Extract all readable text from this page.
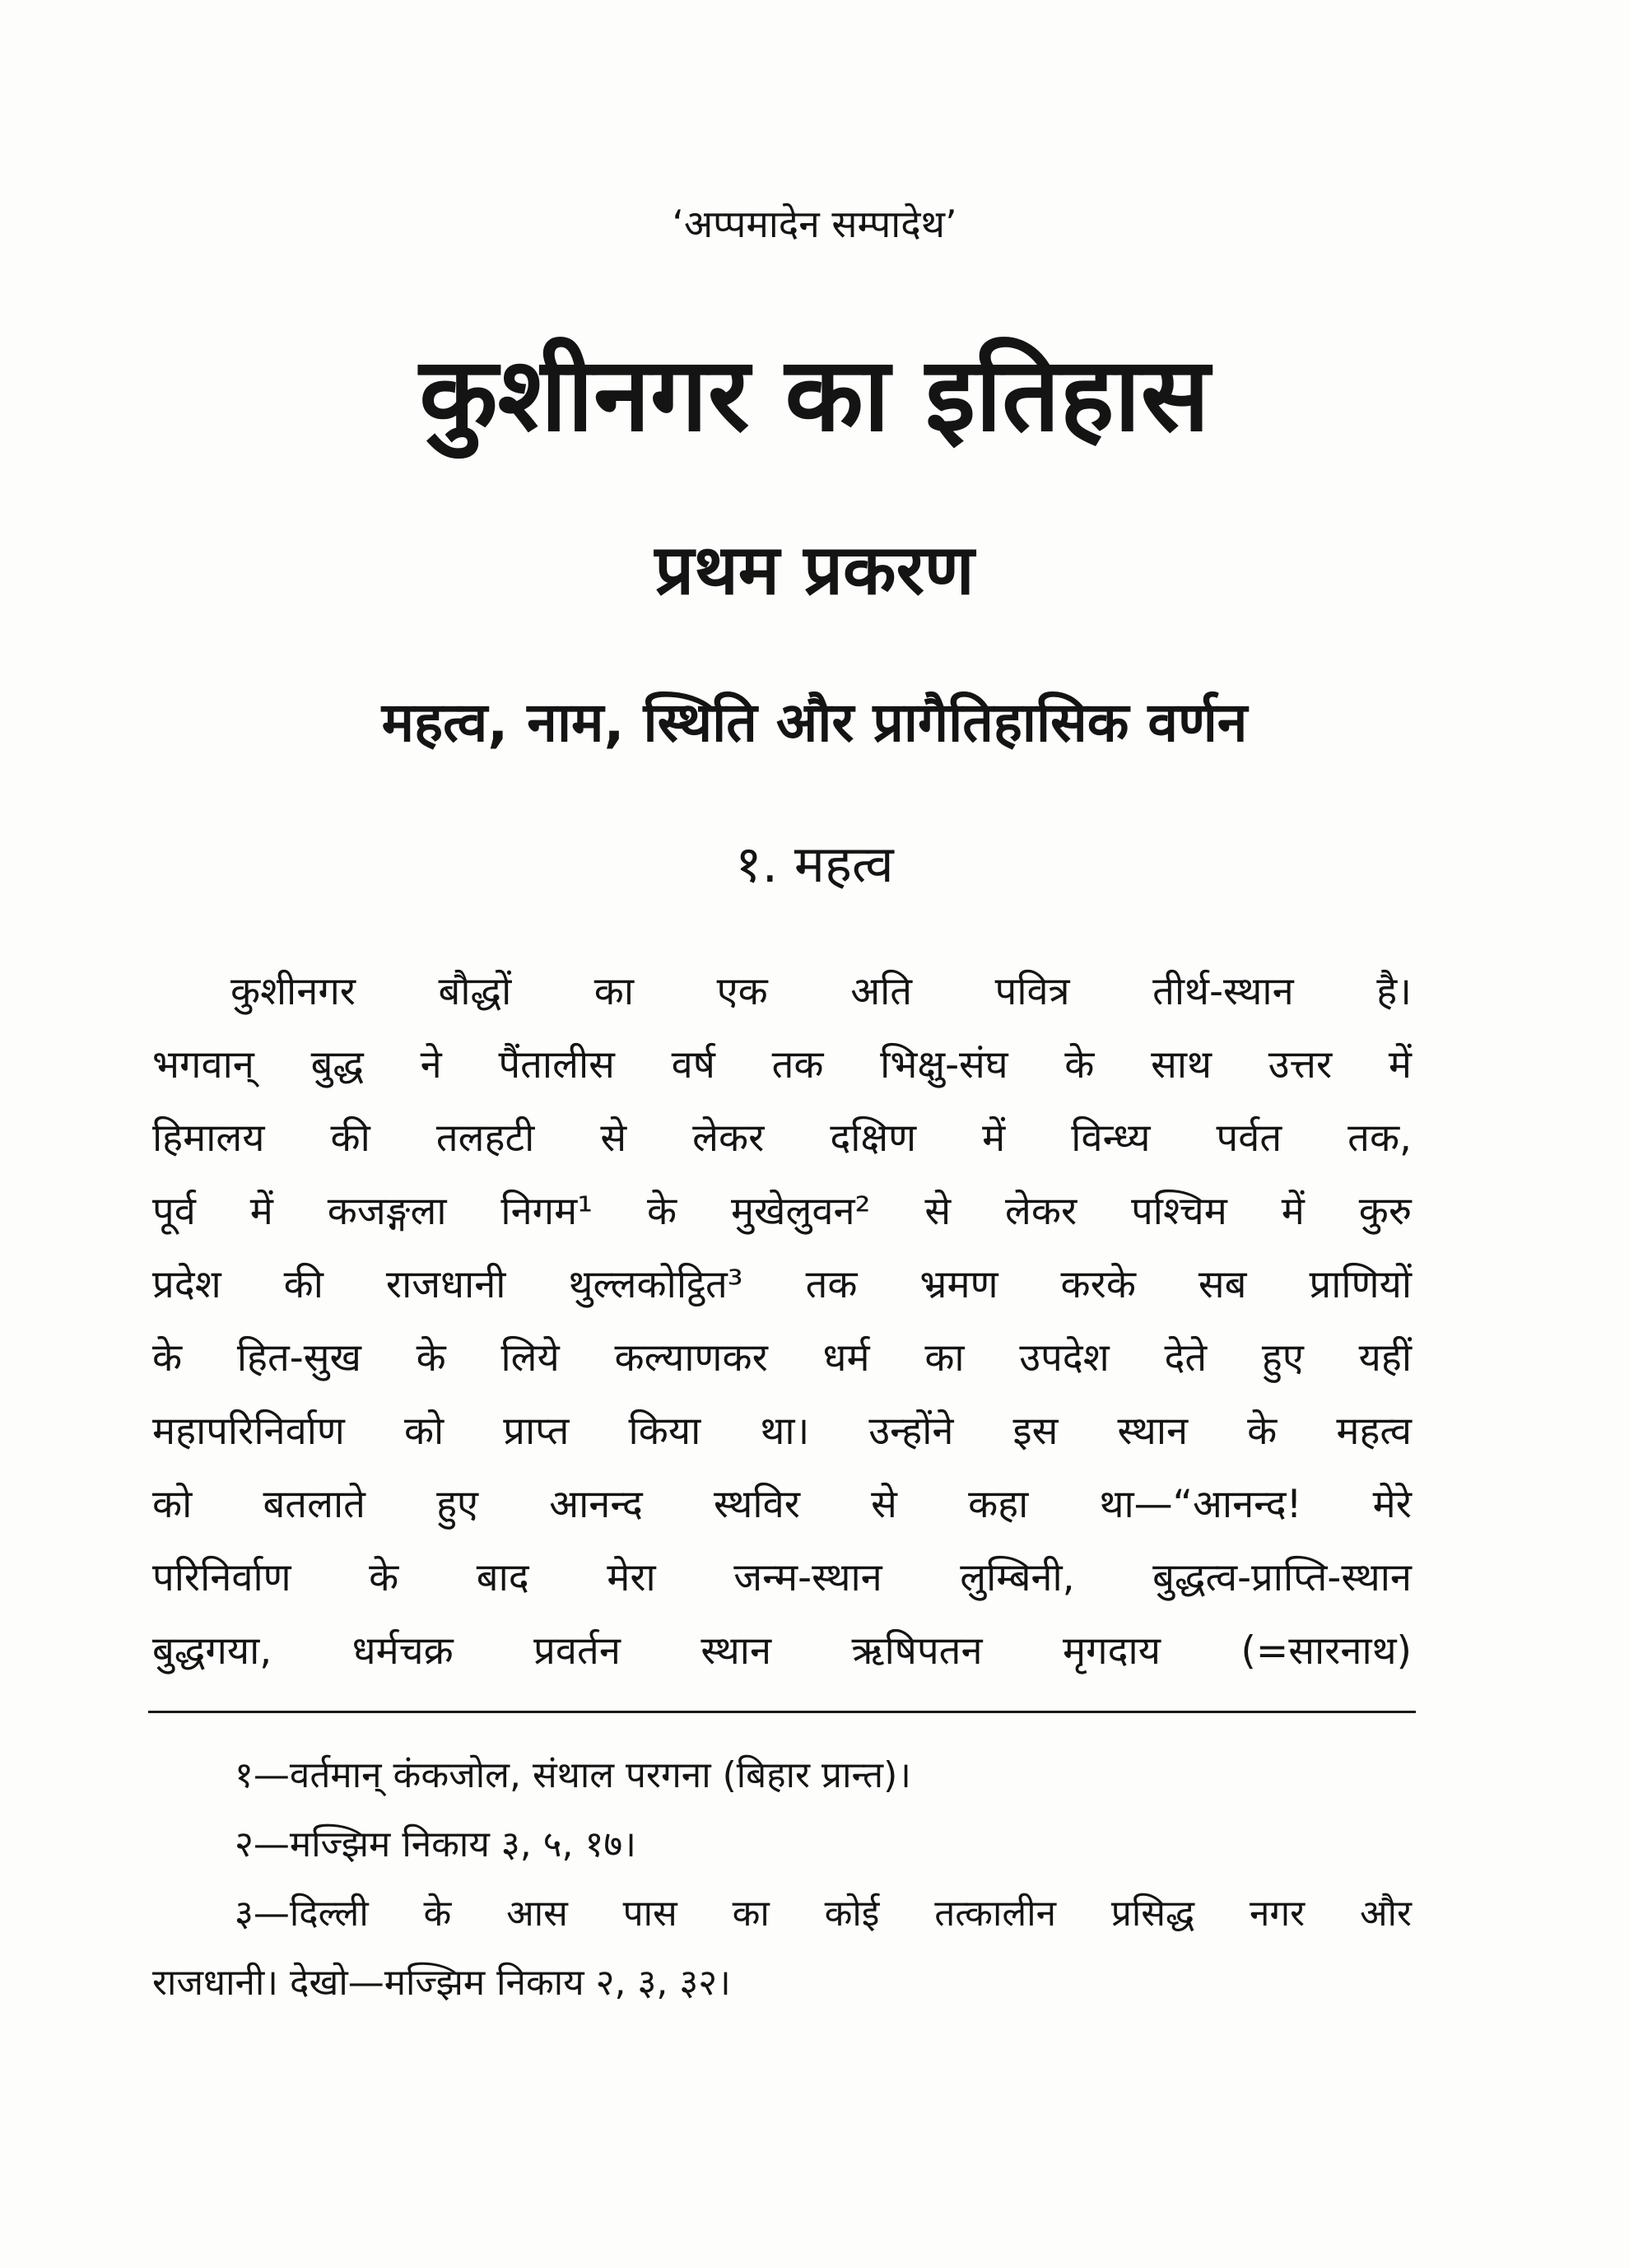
‘अप्पमादेन सम्पादेथ’
कुशीनगर का इतिहास
प्रथम प्रकरण
महत्व, नाम, स्थिति और प्रागैतिहासिक वर्णन
१. महत्व
कुशीनगर बौद्धों का एक अति पवित्र तीर्थ-स्थान है।
भगवान् बुद्ध ने पैंतालीस वर्ष तक भिक्षु-संघ के साथ उत्तर में
हिमालय की तलहटी से लेकर दक्षिण में विन्ध्य पर्वत तक,
पूर्व में कजङ्गला निगम¹ के मुखेलुवन² से लेकर पश्चिम में कुरु
प्रदेश की राजधानी थुल्लकोट्ठित³ तक भ्रमण करके सब प्राणियों
के हित-सुख के लिये कल्याणकर धर्म का उपदेश देते हुए यहीं
महापरिनिर्वाण को प्राप्त किया था। उन्होंने इस स्थान के महत्व
को बतलाते हुए आनन्द स्थविर से कहा था—“आनन्द! मेरे
परिनिर्वाण के बाद मेरा जन्म-स्थान लुम्बिनी, बुद्धत्व-प्राप्ति-स्थान
बुद्धगया, धर्मचक्र प्रवर्तन स्थान ऋषिपतन मृगदाय (=सारनाथ)
१—वर्तमान् कंकजोल, संथाल परगना (बिहार प्रान्त)।
२—मज्झिम निकाय ३, ५, १७।
३—दिल्ली के आस पास का कोई तत्कालीन प्रसिद्ध नगर और
राजधानी। देखो—मज्झिम निकाय २, ३, ३२।
